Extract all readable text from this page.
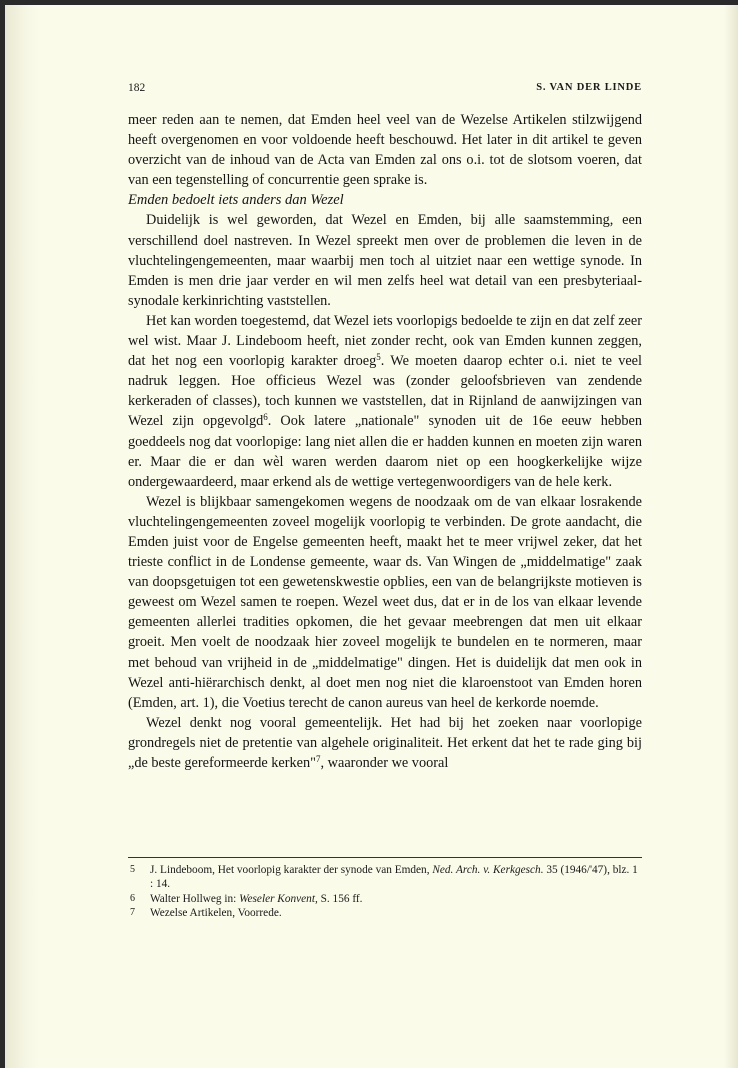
182	S. VAN DER LINDE

meer reden aan te nemen, dat Emden heel veel van de Wezelse Artikelen stilzwijgend heeft overgenomen en voor voldoende heeft beschouwd. Het later in dit artikel te geven overzicht van de inhoud van de Acta van Emden zal ons o.i. tot de slotsom voeren, dat van een tegenstelling of concurrentie geen sprake is.

Emden bedoelt iets anders dan Wezel

Duidelijk is wel geworden, dat Wezel en Emden, bij alle saamstemming, een verschillend doel nastreven. In Wezel spreekt men over de problemen die leven in de vluchtelingengemeenten, maar waarbij men toch al uitziet naar een wettige synode. In Emden is men drie jaar verder en wil men zelfs heel wat detail van een presbyteriaal-synodale kerkinrichting vaststellen.

Het kan worden toegestemd, dat Wezel iets voorlopigs bedoelde te zijn en dat zelf zeer wel wist. Maar J. Lindeboom heeft, niet zonder recht, ook van Emden kunnen zeggen, dat het nog een voorlopig karakter droeg$^5$. We moeten daarop echter o.i. niet te veel nadruk leggen. Hoe officieus Wezel was (zonder geloofsbrieven van zendende kerkeraden of classes), toch kunnen we vaststellen, dat in Rijnland de aanwijzingen van Wezel zijn opgevolgd$^6$. Ook latere „nationale" synoden uit de 16e eeuw hebben goeddeels nog dat voorlopige: lang niet allen die er hadden kunnen en moeten zijn waren er. Maar die er dan wèl waren werden daarom niet op een hoogkerkelijke wijze ondergewaardeerd, maar erkend als de wettige vertegenwoordigers van de hele kerk.

Wezel is blijkbaar samengekomen wegens de noodzaak om de van elkaar losrakende vluchtelingengemeenten zoveel mogelijk voorlopig te verbinden. De grote aandacht, die Emden juist voor de Engelse gemeenten heeft, maakt het te meer vrijwel zeker, dat het trieste conflict in de Londense gemeente, waar ds. Van Wingen de „middelmatige" zaak van doopsgetuigen tot een gewetenskwestie opblies, een van de belangrijkste motieven is geweest om Wezel samen te roepen. Wezel weet dus, dat er in de los van elkaar levende gemeenten allerlei tradities opkomen, die het gevaar meebrengen dat men uit elkaar groeit. Men voelt de noodzaak hier zoveel mogelijk te bundelen en te normeren, maar met behoud van vrijheid in de „middelmatige" dingen. Het is duidelijk dat men ook in Wezel anti-hiërarchisch denkt, al doet men nog niet die klaroenstoot van Emden horen (Emden, art. 1), die Voetius terecht de canon aureus van heel de kerkorde noemde.

Wezel denkt nog vooral gemeentelijk. Het had bij het zoeken naar voorlopige grondregels niet de pretentie van algehele originaliteit. Het erkent dat het te rade ging bij „de beste gereformeerde kerken"$^7$, waaronder we vooral

5 J. Lindeboom, Het voorlopig karakter der synode van Emden, Ned. Arch. v. Kerkgesch. 35 (1946/'47), blz. 1 : 14.
6 Walter Hollweg in: Weseler Konvent, S. 156 ff.
7 Wezelse Artikelen, Voorrede.
